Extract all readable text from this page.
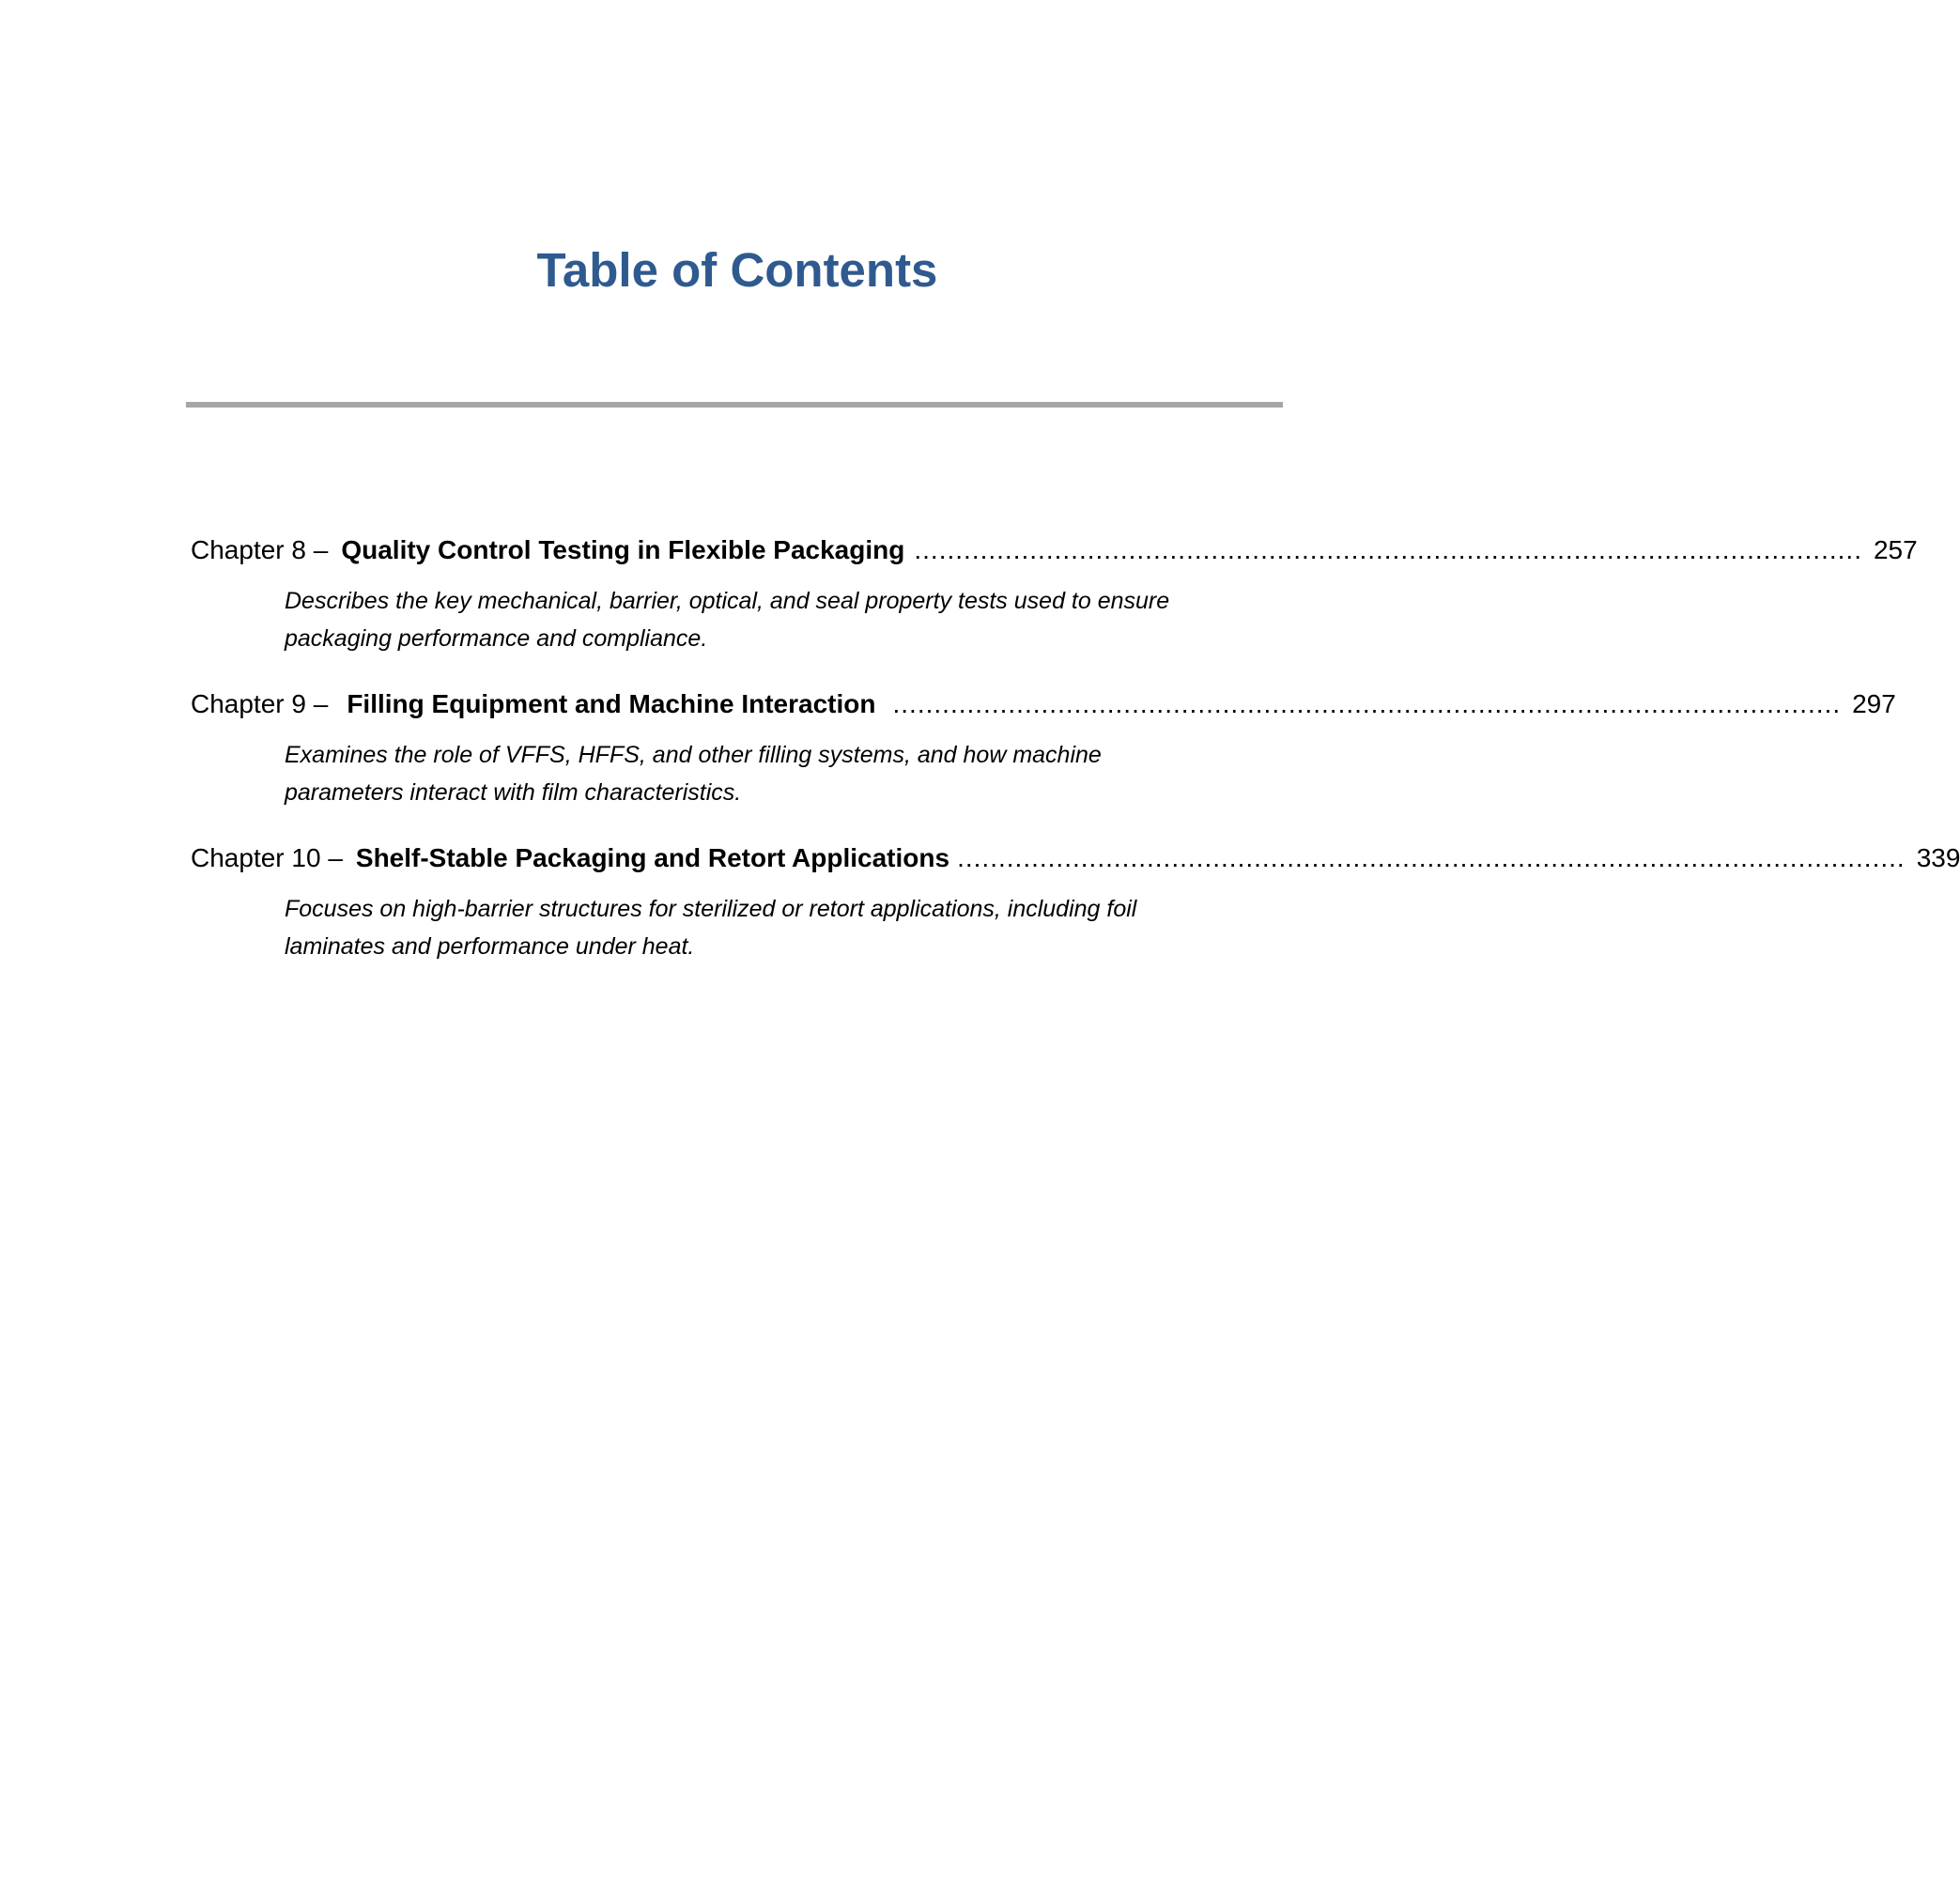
Table of Contents
Chapter 8 – Quality Control Testing in Flexible Packaging ................................................................................................................... 257
Describes the key mechanical, barrier, optical, and seal property tests used to ensure packaging performance and compliance.
Chapter 9 – Filling Equipment and Machine Interaction ................................................................................................................... 297
Examines the role of VFFS, HFFS, and other filling systems, and how machine parameters interact with film characteristics.
Chapter 10 – Shelf-Stable Packaging and Retort Applications ................................................................................................................... 339
Focuses on high-barrier structures for sterilized or retort applications, including foil laminates and performance under heat.
